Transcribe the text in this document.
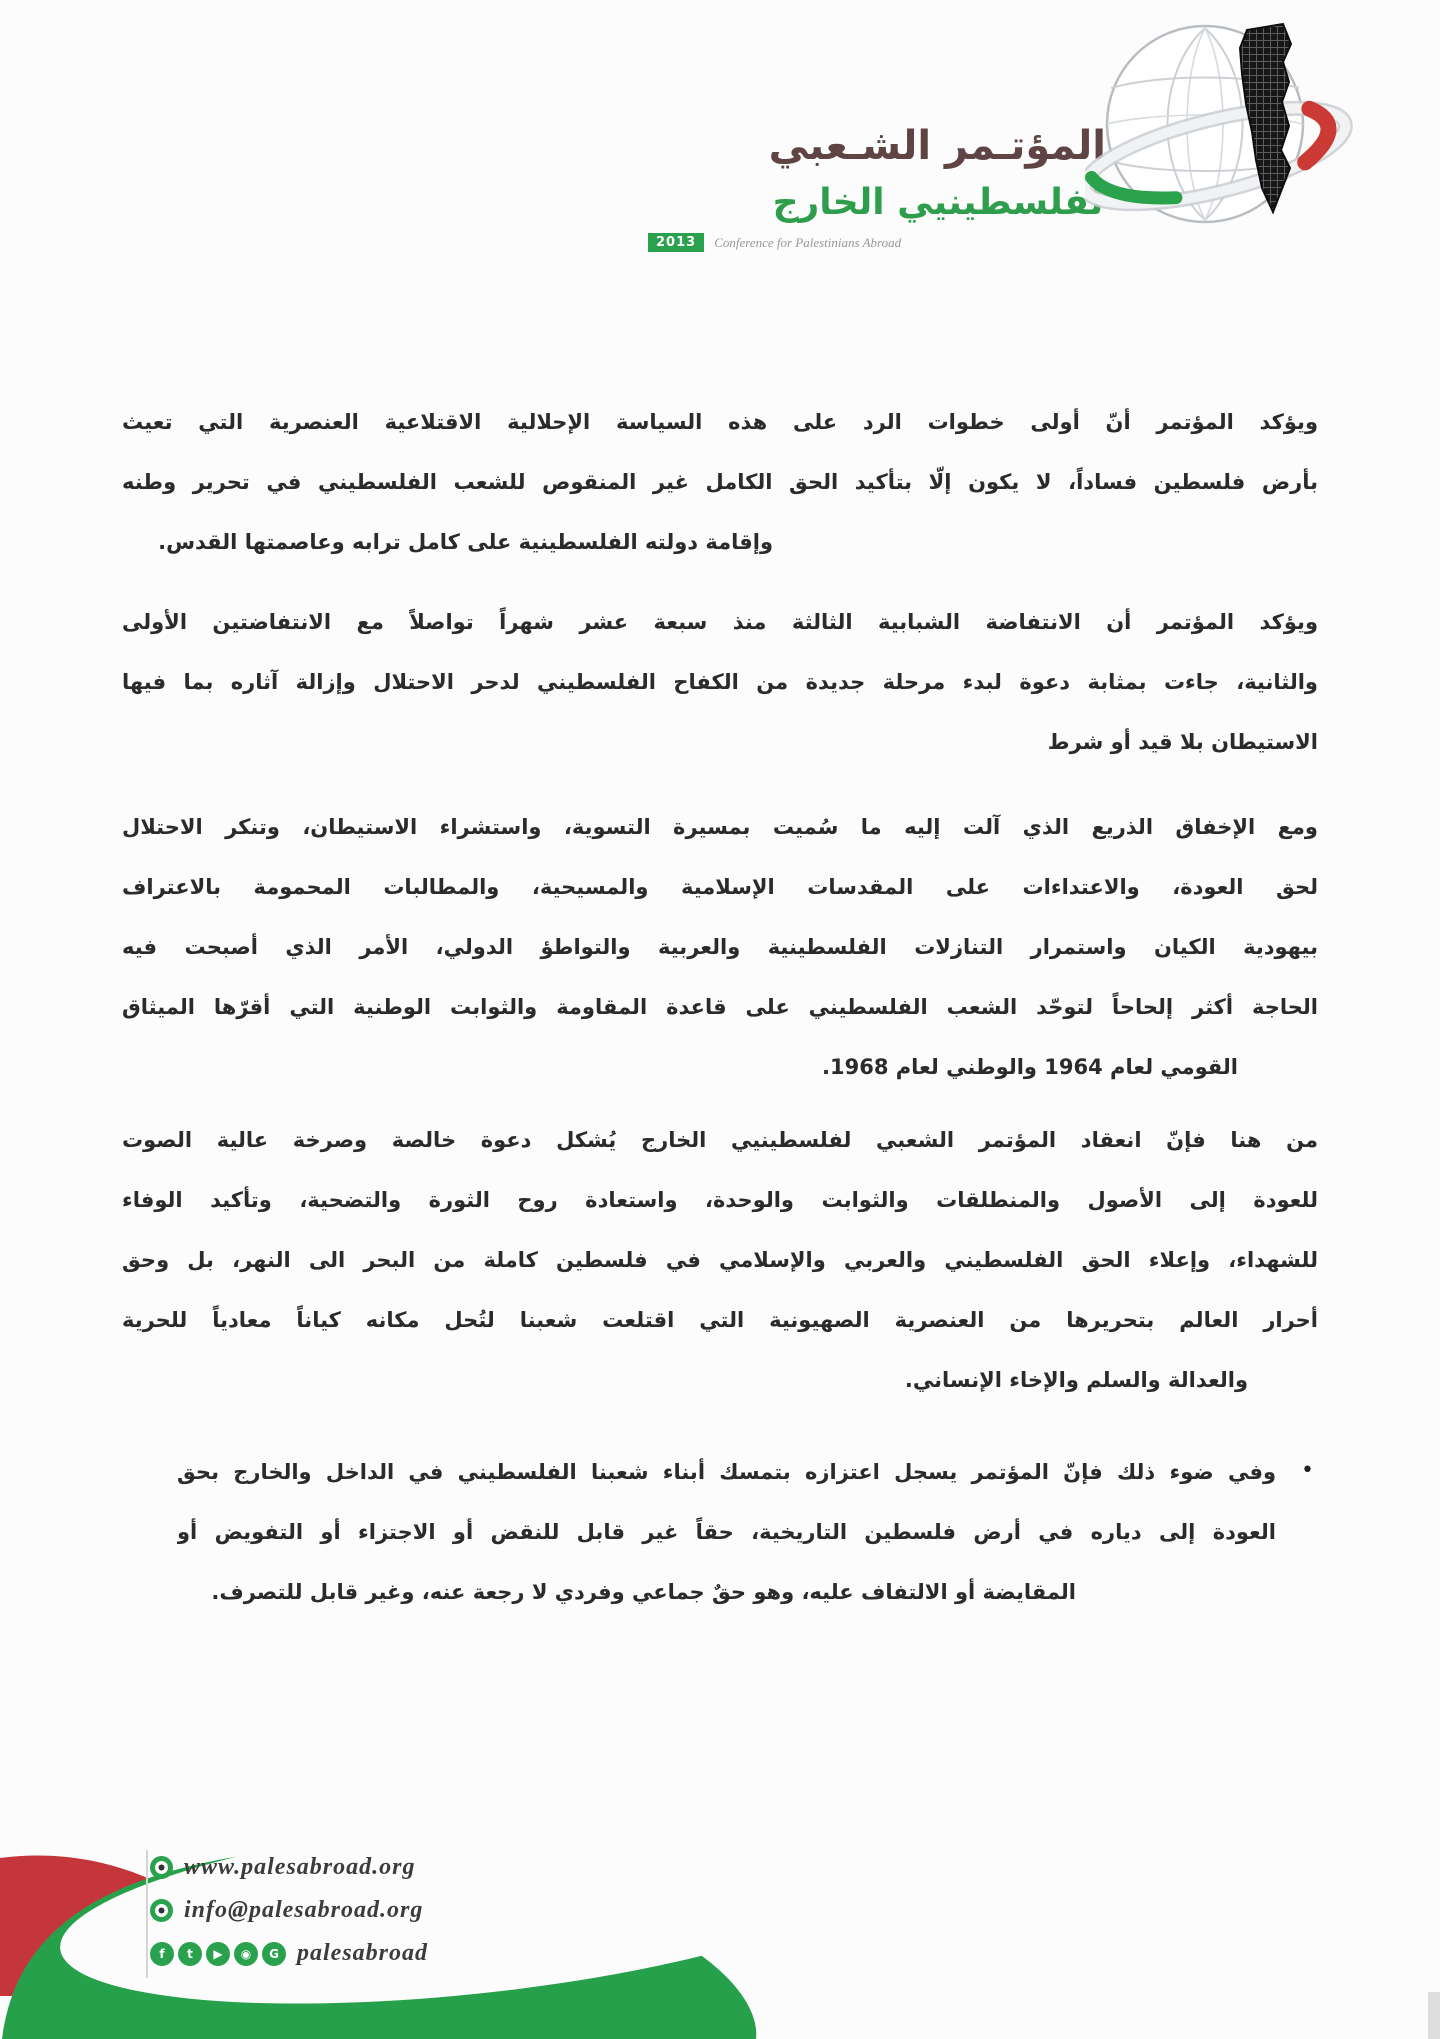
المؤتـمر الشـعبي
لفلسطينيي الخارج
2013	Conference for Palestinians Abroad
ويؤكد المؤتمر أنّ أولى خطوات الرد على هذه السياسة الإحلالية الاقتلاعية العنصرية التي تعيث
بأرض فلسطين فساداً، لا يكون إلّا بتأكيد الحق الكامل غير المنقوص للشعب الفلسطيني في تحرير وطنه
وإقامة دولته الفلسطينية على كامل ترابه وعاصمتها القدس.
ويؤكد المؤتمر أن الانتفاضة الشبابية الثالثة منذ سبعة عشر شهراً تواصلاً مع الانتفاضتين الأولى
والثانية، جاءت بمثابة دعوة لبدء مرحلة جديدة من الكفاح الفلسطيني لدحر الاحتلال وإزالة آثاره بما فيها
الاستيطان بلا قيد أو شرط
ومع الإخفاق الذريع الذي آلت إليه ما سُميت بمسيرة التسوية، واستشراء الاستيطان، وتنكر الاحتلال
لحق العودة، والاعتداءات على المقدسات الإسلامية والمسيحية، والمطالبات المحمومة بالاعتراف
بيهودية الكيان واستمرار التنازلات الفلسطينية والعربية والتواطؤ الدولي، الأمر الذي أصبحت فيه
الحاجة أكثر إلحاحاً لتوحّد الشعب الفلسطيني على قاعدة المقاومة والثوابت الوطنية التي أقرّها الميثاق
القومي لعام 1964 والوطني لعام 1968.
من هنا فإنّ انعقاد المؤتمر الشعبي لفلسطينيي الخارج يُشكل دعوة خالصة وصرخة عالية الصوت
للعودة إلى الأصول والمنطلقات والثوابت والوحدة، واستعادة روح الثورة والتضحية، وتأكيد الوفاء
للشهداء، وإعلاء الحق الفلسطيني والعربي والإسلامي في فلسطين كاملة من البحر الى النهر، بل وحق
أحرار العالم بتحريرها من العنصرية الصهيونية التي اقتلعت شعبنا لتُحل مكانه كياناً معادياً للحرية
والعدالة والسلم والإخاء الإنساني.
•
وفي ضوء ذلك فإنّ المؤتمر يسجل اعتزازه بتمسك أبناء شعبنا الفلسطيني في الداخل والخارج بحق
العودة إلى دياره في أرض فلسطين التاريخية، حقاً غير قابل للنقض أو الاجتزاء أو التفويض أو
المقايضة أو الالتفاف عليه، وهو حقٌ جماعي وفردي لا رجعة عنه، وغير قابل للتصرف.
www.palesabroad.org
info@palesabroad.org
f	t	▶	◉	G palesabroad
